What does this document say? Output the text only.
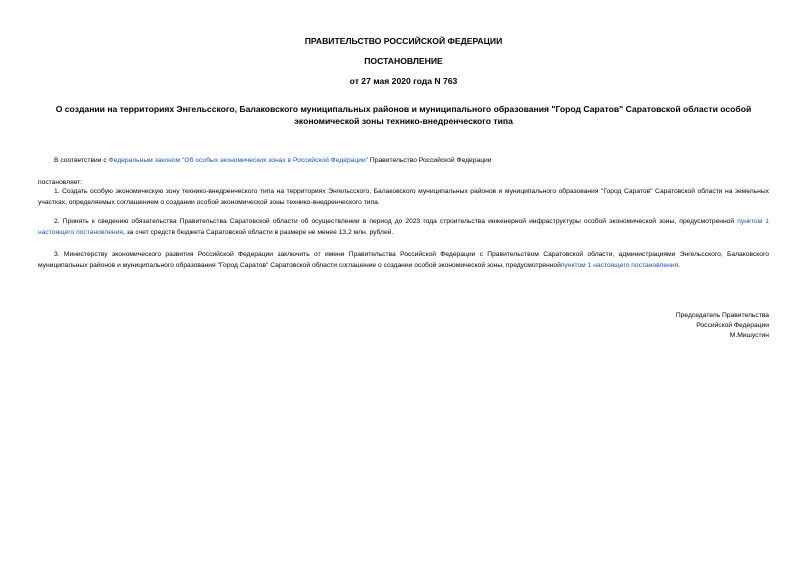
ПРАВИТЕЛЬСТВО РОССИЙСКОЙ ФЕДЕРАЦИИ
ПОСТАНОВЛЕНИЕ
от 27 мая 2020 года N 763
О создании на территориях Энгельсского, Балаковского муниципальных районов и муниципального образования "Город Саратов" Саратовской области особой экономической зоны технико-внедренческого типа
В соответствии с Федеральным законом "Об особых экономических зонах в Российской Федерации" Правительство Российской Федерации
постановляет:
1. Создать особую экономическую зону технико-внедренческого типа на территориях Энгельсского, Балаковского муниципальных районов и муниципального образования "Город Саратов" Саратовской области на земельных участках, определяемых соглашением о создании особой экономической зоны технико-внедренческого типа.
2. Принять к сведению обязательства Правительства Саратовской области об осуществлении в период до 2023 года строительства инженерной инфраструктуры особой экономической зоны, предусмотренной пунктом 1 настоящего постановления, за счет средств бюджета Саратовской области в размере не менее 13,2 млн. рублей.
3. Министерству экономического развития Российской Федерации заключить от имени Правительства Российской Федерации с Правительством Саратовской области, администрациями Энгельсского, Балаковского муниципальных районов и муниципального образования "Город Саратов" Саратовской области соглашение о создании особой экономической зоны, предусмотреннойпунктом 1 настоящего постановления.
Председатель Правительства
Российской Федерации
М.Мишустин
